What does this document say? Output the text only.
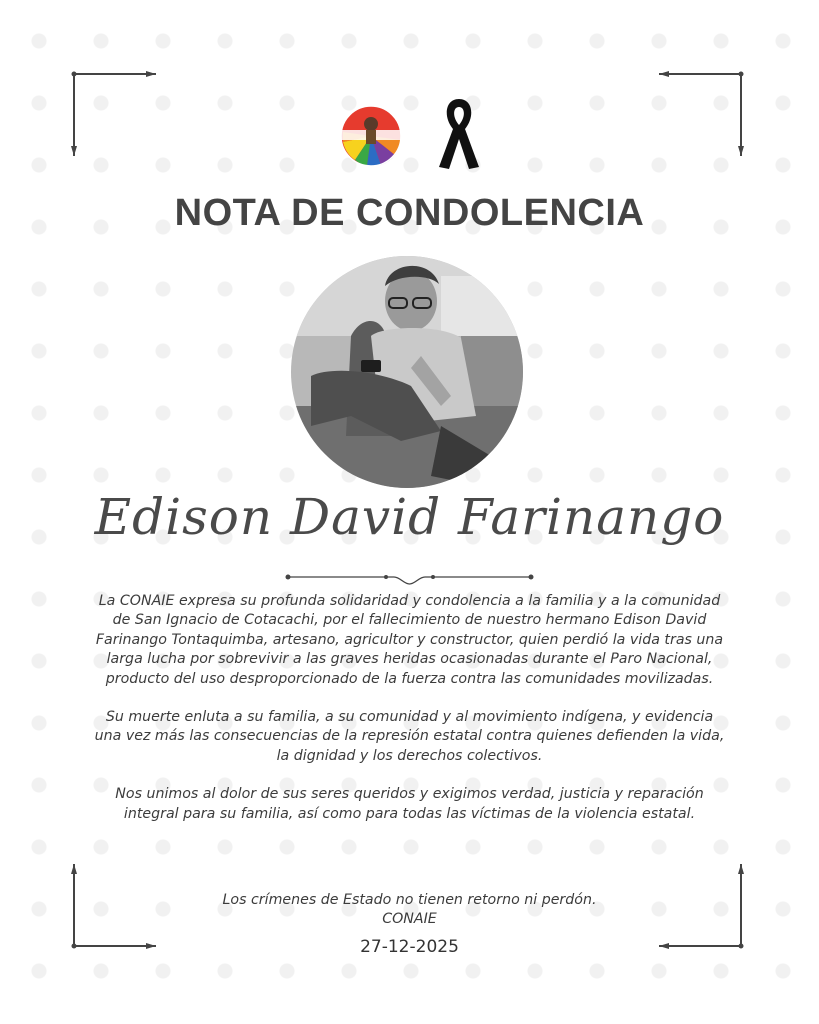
NOTA DE CONDOLENCIA
Edison David Farinango

La CONAIE expresa su profunda solidaridad y condolencia a la familia y a la comunidad de San Ignacio de Cotacachi, por el fallecimiento de nuestro hermano Edison David Farinango Tontaquimba, artesano, agricultor y constructor, quien perdió la vida tras una larga lucha por sobrevivir a las graves heridas ocasionadas durante el Paro Nacional, producto del uso desproporcionado de la fuerza contra las comunidades movilizadas.

Su muerte enluta a su familia, a su comunidad y al movimiento indígena, y evidencia una vez más las consecuencias de la represión estatal contra quienes defienden la vida, la dignidad y los derechos colectivos.

Nos unimos al dolor de sus seres queridos y exigimos verdad, justicia y reparación integral para su familia, así como para todas las víctimas de la violencia estatal.

Los crímenes de Estado no tienen retorno ni perdón.
CONAIE
27-12-2025
